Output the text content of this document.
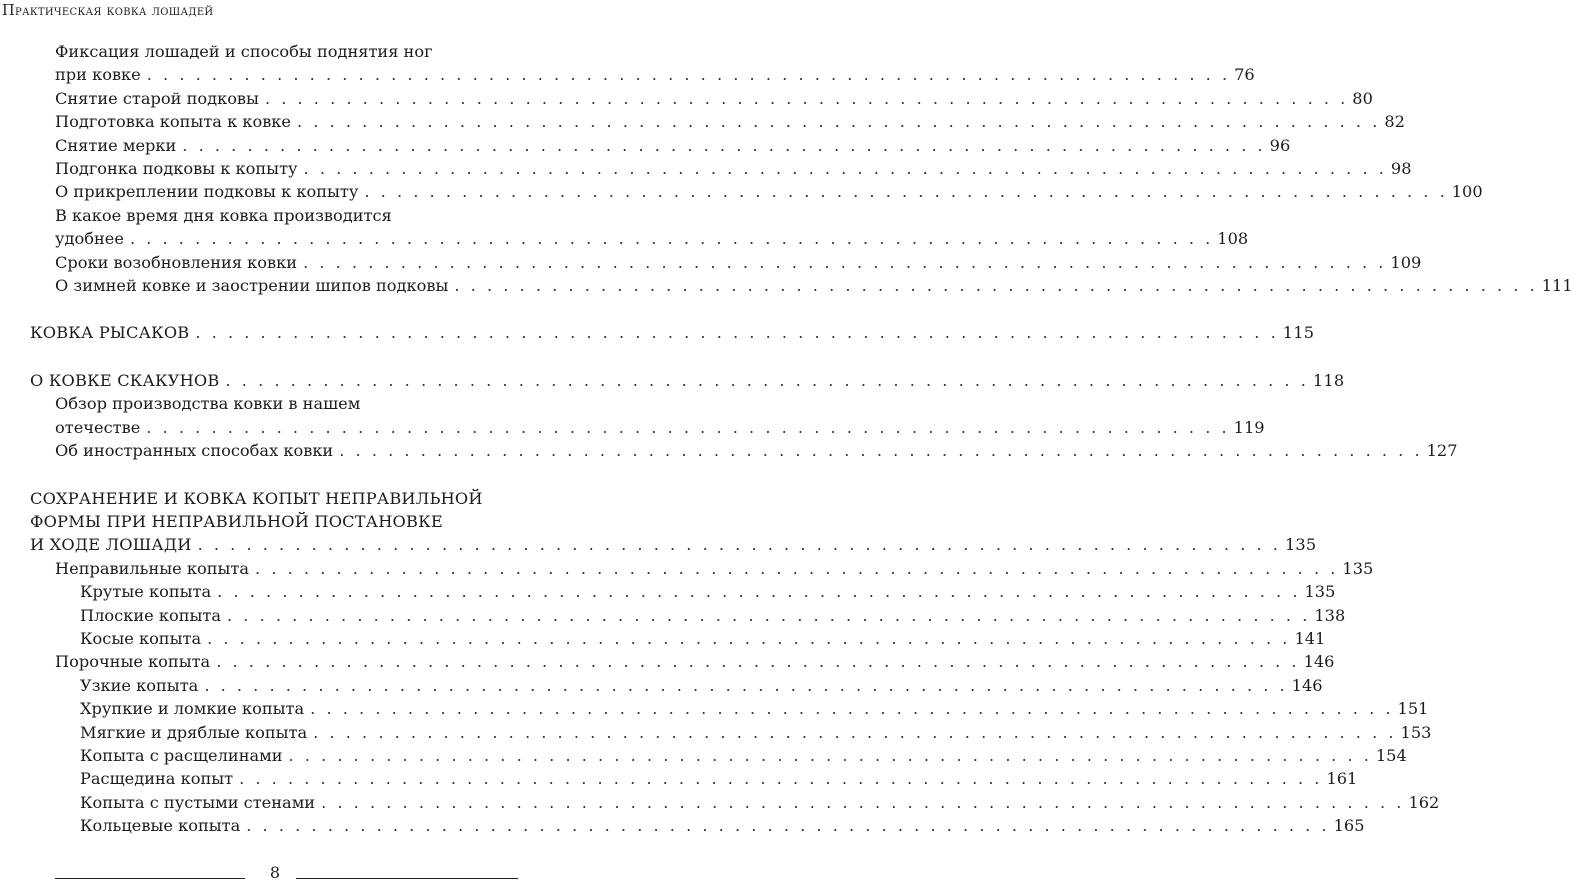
Практическая ковка лошадей
Фиксация лошадей и способы поднятия ног
при ковке . . .	76
Снятие старой подковы . . .	80
Подготовка копыта к ковке . . .	82
Снятие мерки . . .	96
Подгонка подковы к копыту . . .	98
О прикреплении подковы к копыту . . .	100
В какое время дня ковка производится
удобнее . . .	108
Сроки возобновления ковки . . .	109
О зимней ковке и заострении шипов подковы . . .	111
КОВКА РЫСАКОВ . . .	115
О КОВКЕ СКАКУНОВ . . .	118
Обзор производства ковки в нашем
отечестве . . .	119
Об иностранных способах ковки . . .	127
СОХРАНЕНИЕ И КОВКА КОПЫТ НЕПРАВИЛЬНОЙ
ФОРМЫ ПРИ НЕПРАВИЛЬНОЙ ПОСТАНОВКЕ
И ХОДЕ ЛОШАДИ . . .	135
Неправильные копыта . . .	135
Крутые копыта . . .	135
Плоские копыта . . .	138
Косые копыта . . .	141
Порочные копыта . . .	146
Узкие копыта . . .	146
Хрупкие и ломкие копыта . . .	151
Мягкие и дряблые копыта . . .	153
Копыта с расщелинами . . .	154
Расщедина копыт . . .	161
Копыта с пустыми стенами . . .	162
Кольцевые копыта . . .	165
8
